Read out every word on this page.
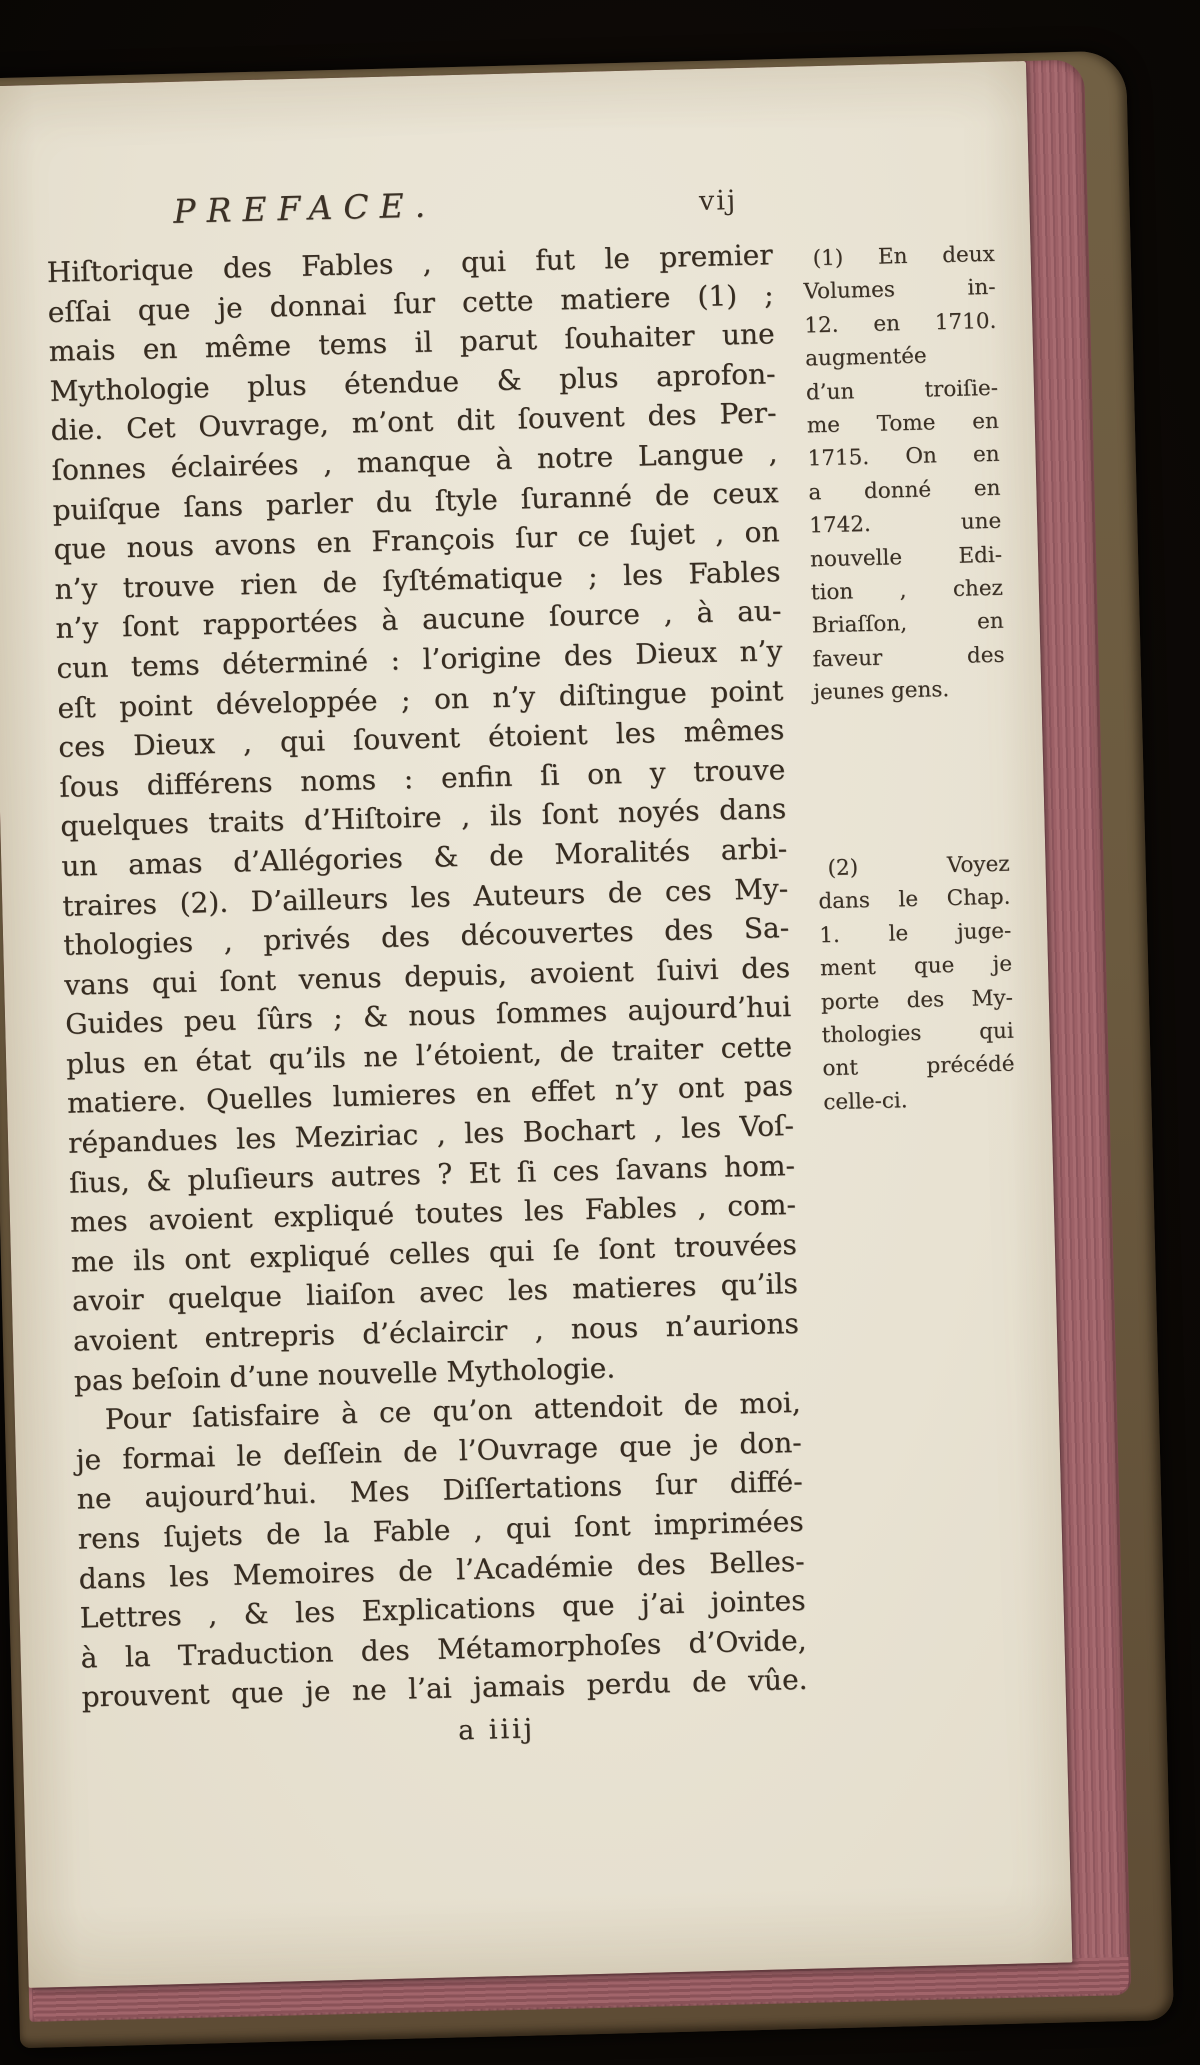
PREFACE.	vij
Hiſtorique des Fables , qui fut le premier
eſſai que je donnai ſur cette matiere (1) ;
mais en même tems il parut ſouhaiter une
Mythologie plus étendue & plus aprofon-
die. Cet Ouvrage, m’ont dit ſouvent des Per-
ſonnes éclairées , manque à notre Langue ,
puiſque ſans parler du ſtyle ſuranné de ceux
que nous avons en François ſur ce ſujet , on
n’y trouve rien de ſyſtématique ; les Fables
n’y ſont rapportées à aucune ſource , à au-
cun tems déterminé : l’origine des Dieux n’y
eſt point développée ; on n’y diſtingue point
ces Dieux , qui ſouvent étoient les mêmes
ſous différens noms : enfin ſi on y trouve
quelques traits d’Hiſtoire , ils ſont noyés dans
un amas d’Allégories & de Moralités arbi-
traires (2). D’ailleurs les Auteurs de ces My-
thologies , privés des découvertes des Sa-
vans qui ſont venus depuis, avoient ſuivi des
Guides peu ſûrs ; & nous ſommes aujourd’hui
plus en état qu’ils ne l’étoient, de traiter cette
matiere. Quelles lumieres en effet n’y ont pas
répandues les Meziriac , les Bochart , les Voſ-
ſius, & pluſieurs autres ? Et ſi ces ſavans hom-
mes avoient expliqué toutes les Fables , com-
me ils ont expliqué celles qui ſe ſont trouvées
avoir quelque liaiſon avec les matieres qu’ils
avoient entrepris d’éclaircir , nous n’aurions
pas beſoin d’une nouvelle Mythologie.
Pour ſatisfaire à ce qu’on attendoit de moi,
je formai le deſſein de l’Ouvrage que je don-
ne aujourd’hui. Mes Diſſertations ſur diffé-
rens ſujets de la Fable , qui ſont imprimées
dans les Memoires de l’Académie des Belles-
Lettres , & les Explications que j’ai jointes
à la Traduction des Métamorphoſes d’Ovide,
prouvent que je ne l’ai jamais perdu de vûe.
(1) En deux
Volumes in-
12. en 1710.
augmentée
d’un troiſie-
me Tome en
1715. On en
a donné en
1742. une
nouvelle Edi-
tion , chez
Briaſſon, en
faveur des
jeunes gens.
(2) Voyez
dans le Chap.
1. le juge-
ment que je
porte des My-
thologies qui
ont précédé
celle-ci.
a iiij
